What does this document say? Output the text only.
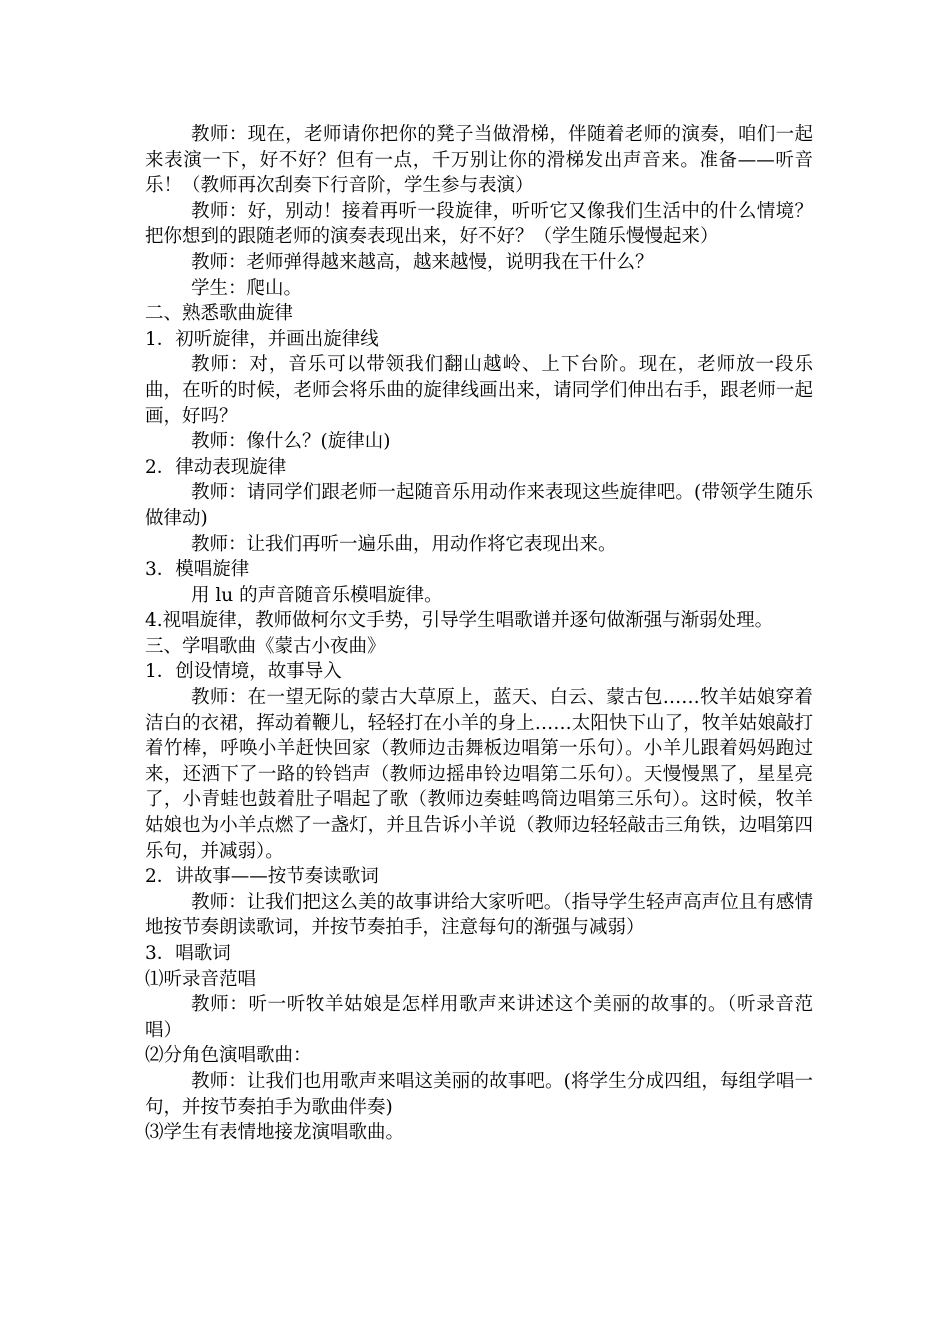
教师：现在，老师请你把你的凳子当做滑梯，伴随着老师的演奏，咱们一起来表演一下，好不好？但有一点，千万别让你的滑梯发出声音来。准备——听音乐！（教师再次刮奏下行音阶，学生参与表演）

教师：好，别动！接着再听一段旋律，听听它又像我们生活中的什么情境？把你想到的跟随老师的演奏表现出来，好不好？（学生随乐慢慢起来）

教师：老师弹得越来越高，越来越慢，说明我在干什么？

学生：爬山。

二、熟悉歌曲旋律

1．初听旋律，并画出旋律线

教师：对，音乐可以带领我们翻山越岭、上下台阶。现在，老师放一段乐曲，在听的时候，老师会将乐曲的旋律线画出来，请同学们伸出右手，跟老师一起画，好吗？

教师：像什么？(旋律山)

2．律动表现旋律

教师：请同学们跟老师一起随音乐用动作来表现这些旋律吧。(带领学生随乐做律动)

教师：让我们再听一遍乐曲，用动作将它表现出来。

3．模唱旋律

用 lu 的声音随音乐模唱旋律。

4.视唱旋律，教师做柯尔文手势，引导学生唱歌谱并逐句做渐强与渐弱处理。

三、学唱歌曲《蒙古小夜曲》

1．创设情境，故事导入

教师：在一望无际的蒙古大草原上，蓝天、白云、蒙古包……牧羊姑娘穿着洁白的衣裙，挥动着鞭儿，轻轻打在小羊的身上……太阳快下山了，牧羊姑娘敲打着竹棒，呼唤小羊赶快回家（教师边击舞板边唱第一乐句）。小羊儿跟着妈妈跑过来，还洒下了一路的铃铛声（教师边摇串铃边唱第二乐句）。天慢慢黑了，星星亮了，小青蛙也鼓着肚子唱起了歌（教师边奏蛙鸣筒边唱第三乐句）。这时候，牧羊姑娘也为小羊点燃了一盏灯，并且告诉小羊说（教师边轻轻敲击三角铁，边唱第四乐句，并减弱）。

2．讲故事——按节奏读歌词

教师：让我们把这么美的故事讲给大家听吧。（指导学生轻声高声位且有感情地按节奏朗读歌词，并按节奏拍手，注意每句的渐强与减弱）

3．唱歌词

⑴听录音范唱

教师：听一听牧羊姑娘是怎样用歌声来讲述这个美丽的故事的。（听录音范唱）

⑵分角色演唱歌曲：

教师：让我们也用歌声来唱这美丽的故事吧。(将学生分成四组，每组学唱一句，并按节奏拍手为歌曲伴奏)

⑶学生有表情地接龙演唱歌曲。
